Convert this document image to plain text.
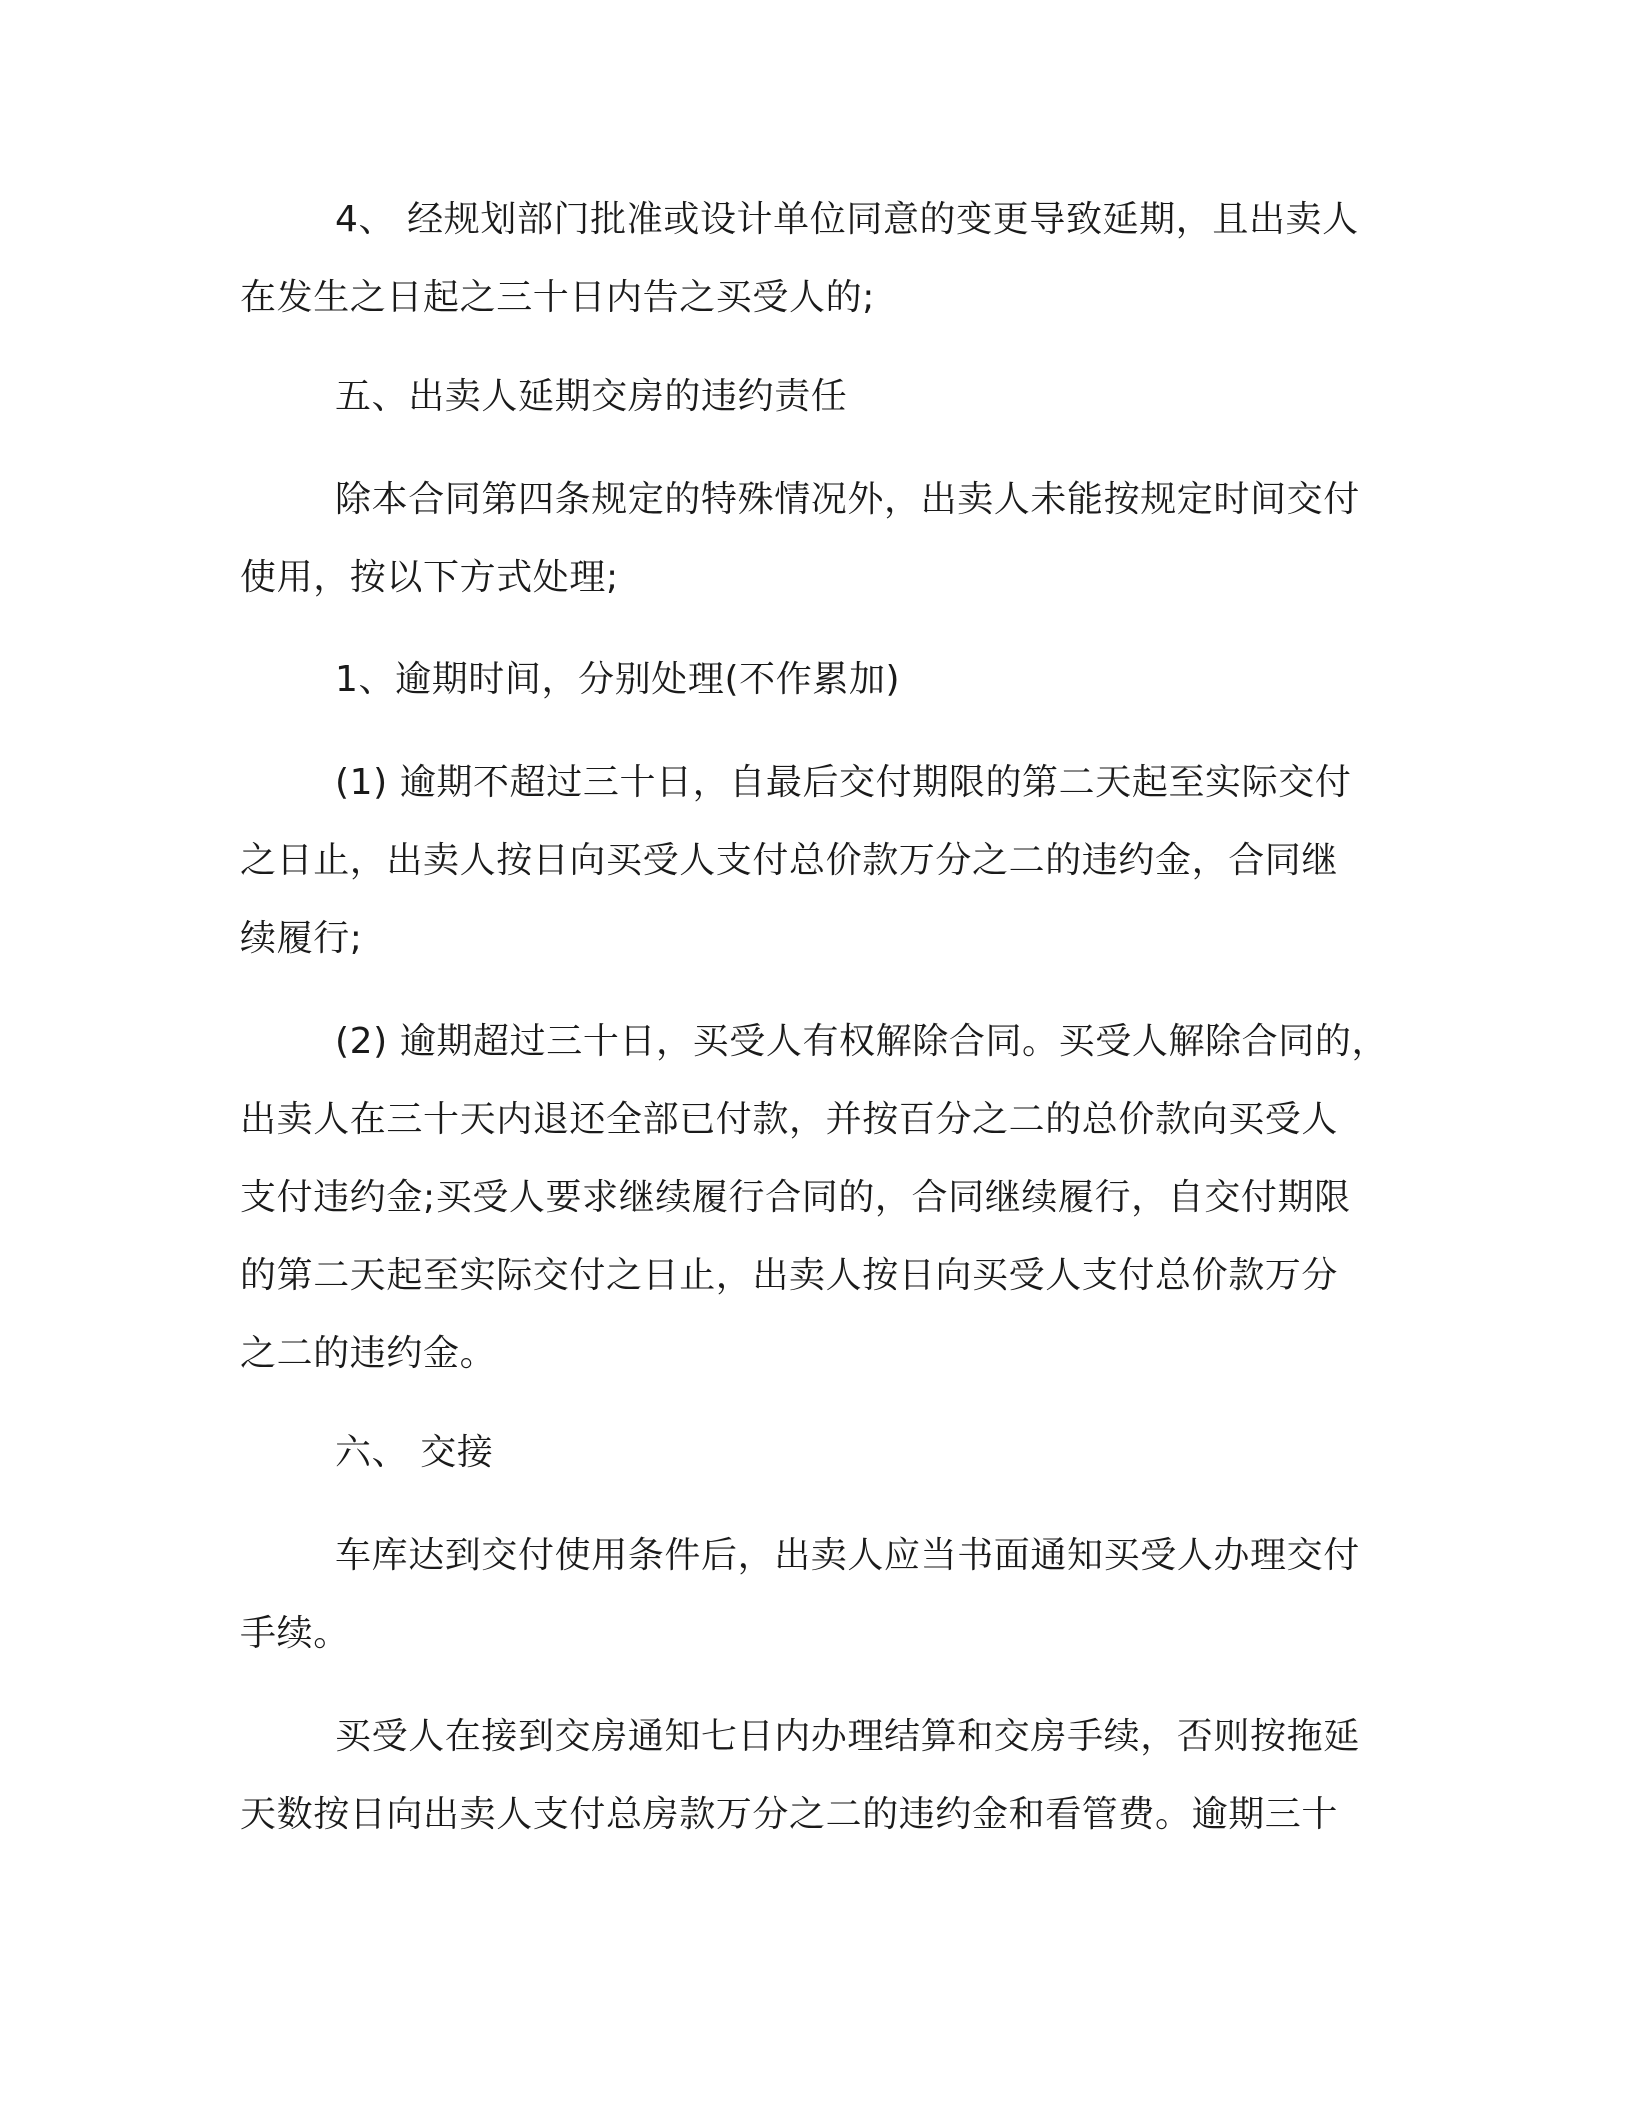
4、 经规划部门批准或设计单位同意的变更导致延期，且出卖人

在发生之日起之三十日内告之买受人的;

五、出卖人延期交房的违约责任

除本合同第四条规定的特殊情况外，出卖人未能按规定时间交付

使用，按以下方式处理;

1、逾期时间，分别处理(不作累加)

(1) 逾期不超过三十日，自最后交付期限的第二天起至实际交付

之日止，出卖人按日向买受人支付总价款万分之二的违约金，合同继

续履行;

(2) 逾期超过三十日，买受人有权解除合同。买受人解除合同的，

出卖人在三十天内退还全部已付款，并按百分之二的总价款向买受人

支付违约金;买受人要求继续履行合同的，合同继续履行，自交付期限

的第二天起至实际交付之日止，出卖人按日向买受人支付总价款万分

之二的违约金。

六、 交接

车库达到交付使用条件后，出卖人应当书面通知买受人办理交付

手续。

买受人在接到交房通知七日内办理结算和交房手续，否则按拖延

天数按日向出卖人支付总房款万分之二的违约金和看管费。逾期三十
